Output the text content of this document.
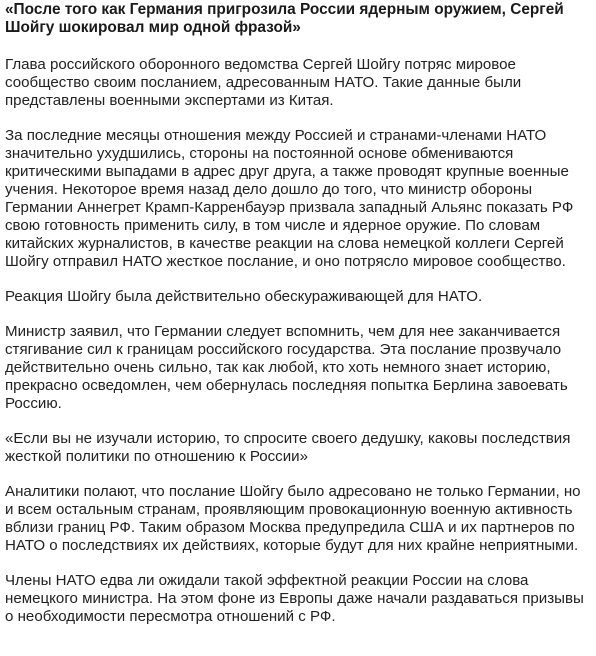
«После того как Германия пригрозила России ядерным оружием, Сергей Шойгу шокировал мир одной фразой»

Глава российского оборонного ведомства Сергей Шойгу потряс мировое сообщество своим посланием, адресованным НАТО. Такие данные были представлены военными экспертами из Китая.

За последние месяцы отношения между Россией и странами-членами НАТО значительно ухудшились, стороны на постоянной основе обмениваются критическими выпадами в адрес друг друга, а также проводят крупные военные учения. Некоторое время назад дело дошло до того, что министр обороны Германии Аннегрет Крамп-Карренбауэр призвала западный Альянс показать РФ свою готовность применить силу, в том числе и ядерное оружие. По словам китайских журналистов, в качестве реакции на слова немецкой коллеги Сергей Шойгу отправил НАТО жесткое послание, и оно потрясло мировое сообщество.

Реакция Шойгу была действительно обескураживающей для НАТО.

Министр заявил, что Германии следует вспомнить, чем для нее заканчивается стягивание сил к границам российского государства. Эта послание прозвучало действительно очень сильно, так как любой, кто хоть немного знает историю, прекрасно осведомлен, чем обернулась последняя попытка Берлина завоевать Россию.

«Если вы не изучали историю, то спросите своего дедушку, каковы последствия жесткой политики по отношению к России»

Аналитики полают, что послание Шойгу было адресовано не только Германии, но и всем остальным странам, проявляющим провокационную военную активность вблизи границ РФ. Таким образом Москва предупредила США и их партнеров по НАТО о последствиях их действиях, которые будут для них крайне неприятными.

Члены НАТО едва ли ожидали такой эффектной реакции России на слова немецкого министра. На этом фоне из Европы даже начали раздаваться призывы о необходимости пересмотра отношений с РФ.
